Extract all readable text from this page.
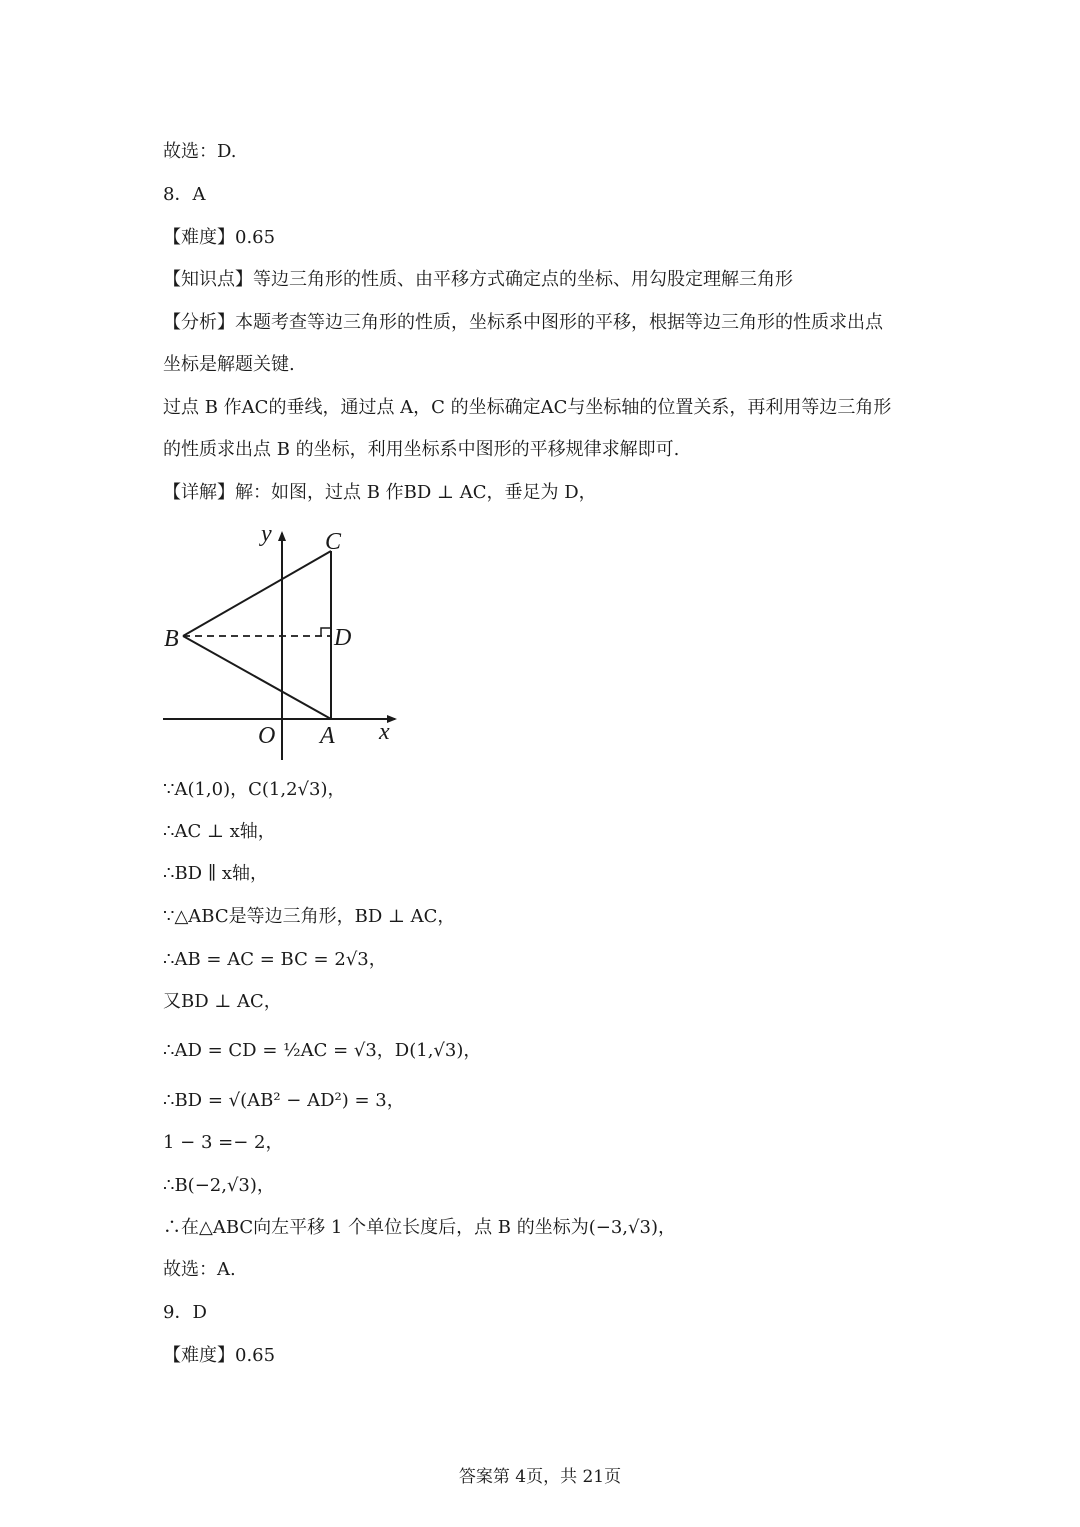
故选：D.
8．A
【难度】0.65
【知识点】等边三角形的性质、由平移方式确定点的坐标、用勾股定理解三角形
【分析】本题考查等边三角形的性质，坐标系中图形的平移，根据等边三角形的性质求出点
坐标是解题关键.
过点 B 作AC的垂线，通过点 A，C 的坐标确定AC与坐标轴的位置关系，再利用等边三角形
的性质求出点 B 的坐标，利用坐标系中图形的平移规律求解即可.
【详解】解：如图，过点 B 作BD ⊥ AC，垂足为 D，
y C
B	D
O A x
∵A(1,0)，C(1,2√3)，
∴AC ⊥ x轴，
∴BD ∥ x轴，
∵△ABC是等边三角形，BD ⊥ AC，
∴AB = AC = BC = 2√3，
又BD ⊥ AC，
∴AD = CD = ½AC = √3，D(1,√3)，
∴BD = √(AB² − AD²) = 3，
1 − 3 =− 2，
∴B(−2,√3)，
∴在△ABC向左平移 1 个单位长度后，点 B 的坐标为(−3,√3)，
故选：A.
9．D
【难度】0.65
答案第 4页，共 21页
